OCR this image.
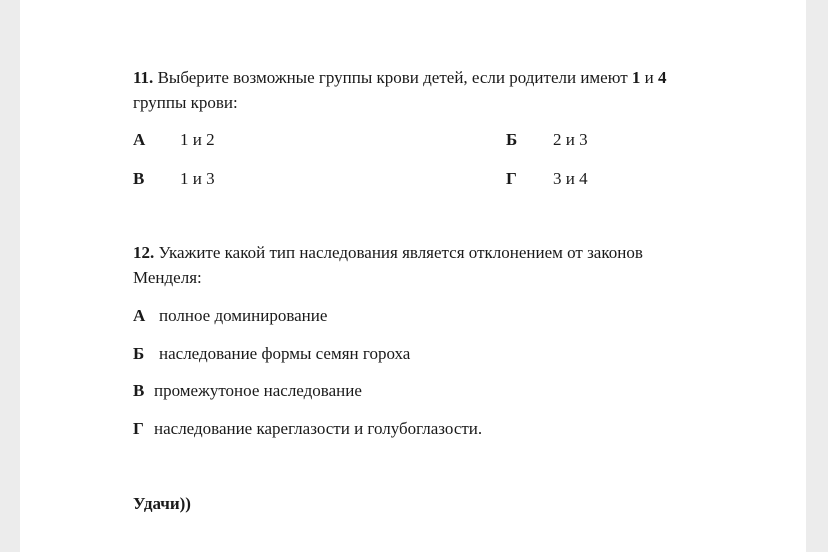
11. Выберите возможные группы крови детей, если родители имеют 1 и 4
группы крови:
А 1 и 2	Б 2 и 3
В 1 и 3	Г 3 и 4
12. Укажите какой тип наследования является отклонением от законов
Менделя:
А полное доминирование
Б наследование формы семян гороха
В промежутоное наследование
Г наследование кареглазости и голубоглазости.
Удачи))
